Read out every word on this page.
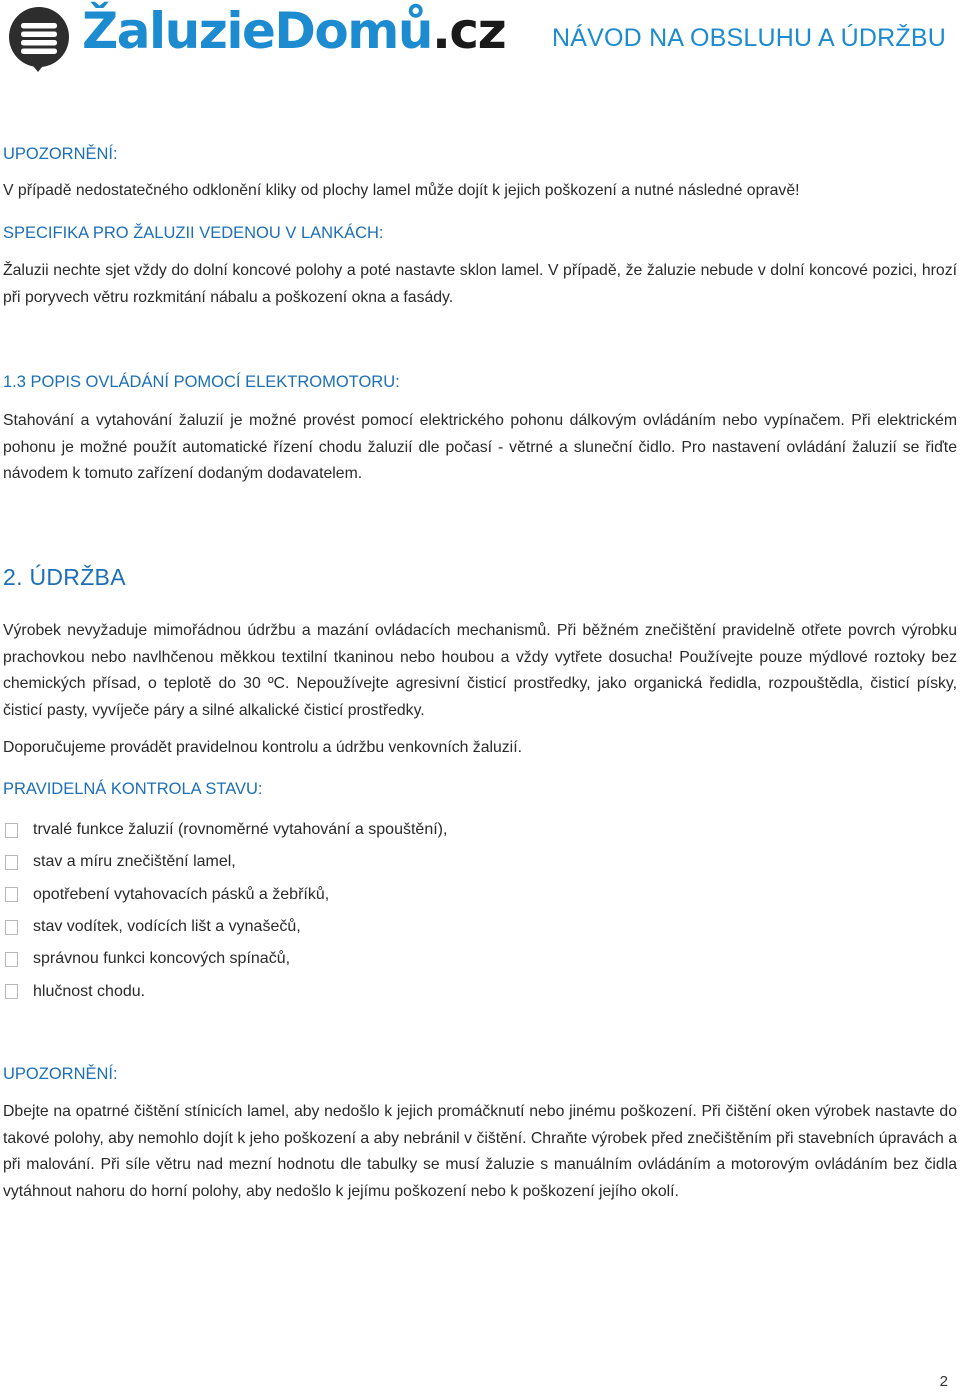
ŽaluzieDomů.cz NÁVOD NA OBSLUHU A ÚDRŽBU
UPOZORNĚNÍ:
V případě nedostatečného odklonění kliky od plochy lamel může dojít k jejich poškození a nutné následné opravě!
SPECIFIKA PRO ŽALUZII VEDENOU V LANKÁCH:
Žaluzii nechte sjet vždy do dolní koncové polohy a poté nastavte sklon lamel. V případě, že žaluzie nebude v dolní koncové pozici, hrozí při poryvech větru rozkmitání nábalu a poškození okna a fasády.
1.3 POPIS OVLÁDÁNÍ POMOCÍ ELEKTROMOTORU:
Stahování a vytahování žaluzií je možné provést pomocí elektrického pohonu dálkovým ovládáním nebo vypínačem. Při elektrickém pohonu je možné použít automatické řízení chodu žaluzií dle počasí - větrné a sluneční čidlo. Pro nastavení ovládání žaluzií se řiďte návodem k tomuto zařízení dodaným dodavatelem.
2. ÚDRŽBA
Výrobek nevyžaduje mimořádnou údržbu a mazání ovládacích mechanismů. Při běžném znečištění pravidelně otřete povrch výrobku prachovkou nebo navlhčenou měkkou textilní tkaninou nebo houbou a vždy vytřete dosucha! Používejte pouze mýdlové roztoky bez chemických přísad, o teplotě do 30 ºC. Nepoužívejte agresivní čisticí prostředky, jako organická ředidla, rozpouštědla, čisticí písky, čisticí pasty, vyvíječe páry a silné alkalické čisticí prostředky.
Doporučujeme provádět pravidelnou kontrolu a údržbu venkovních žaluzií.
PRAVIDELNÁ KONTROLA STAVU:
trvalé funkce žaluzií (rovnoměrné vytahování a spouštění),
stav a míru znečištění lamel,
opotřebení vytahovacích pásků a žebříků,
stav vodítek, vodících lišt a vynašečů,
správnou funkci koncových spínačů,
hlučnost chodu.
UPOZORNĚNÍ:
Dbejte na opatrné čištění stínicích lamel, aby nedošlo k jejich promáčknutí nebo jinému poškození. Při čištění oken výrobek nastavte do takové polohy, aby nemohlo dojít k jeho poškození a aby nebránil v čištění. Chraňte výrobek před znečištěním při stavebních úpravách a při malování. Při síle větru nad mezní hodnotu dle tabulky se musí žaluzie s manuálním ovládáním a motorovým ovládáním bez čidla vytáhnout nahoru do horní polohy, aby nedošlo k jejímu poškození nebo k poškození jejího okolí.
2
